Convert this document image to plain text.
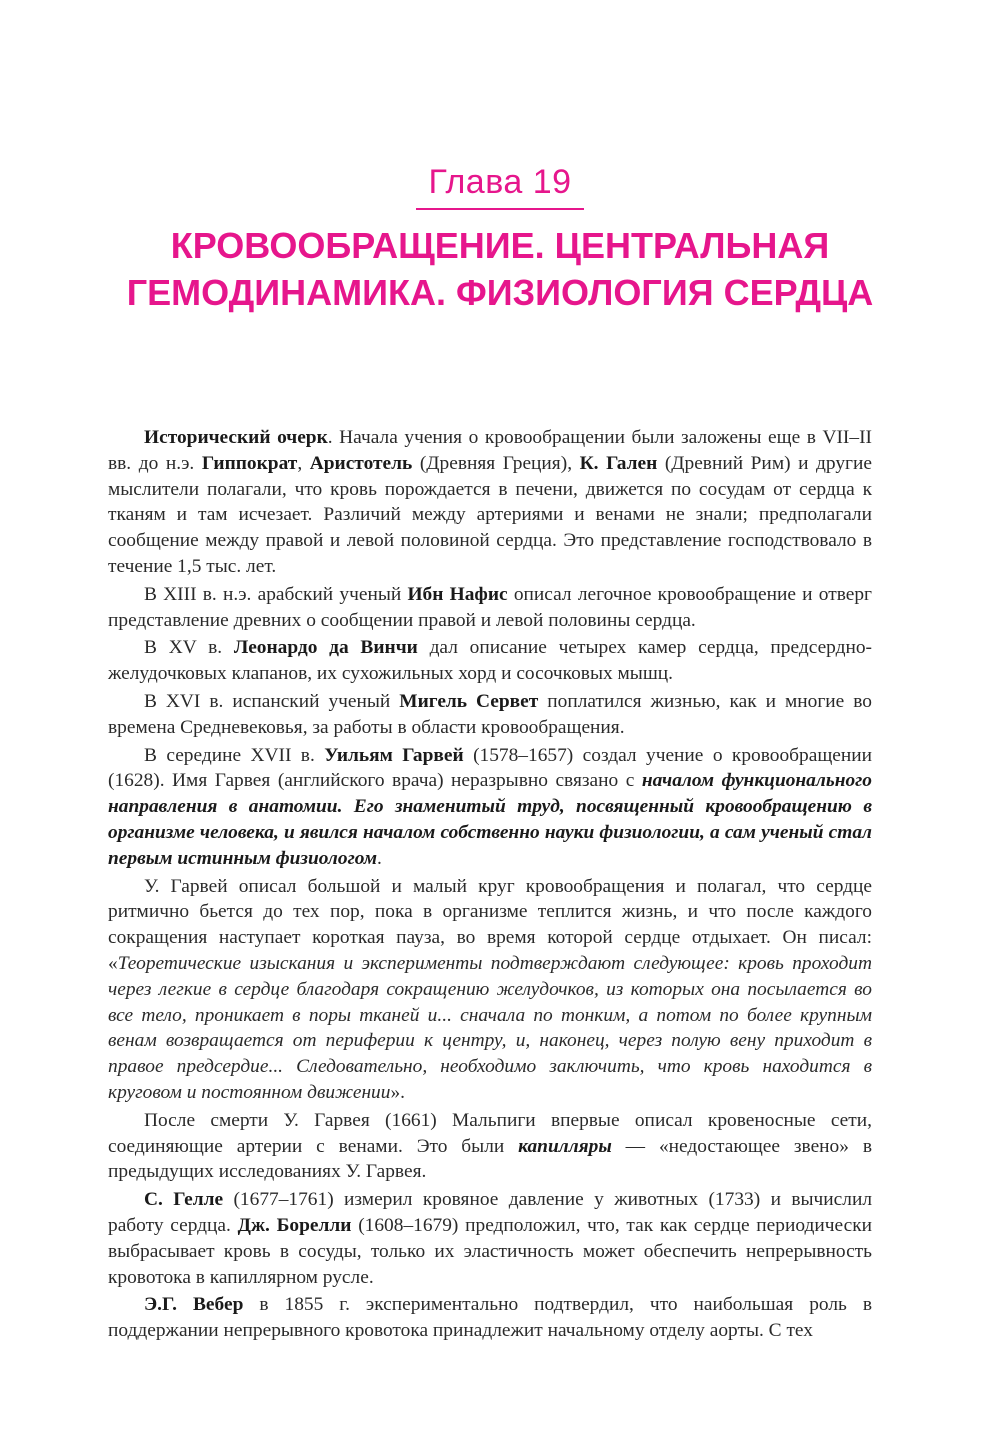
Глава 19
КРОВООБРАЩЕНИЕ. ЦЕНТРАЛЬНАЯ
ГЕМОДИНАМИКА. ФИЗИОЛОГИЯ СЕРДЦА

Исторический очерк. Начала учения о кровообращении были заложены еще в VII–II вв. до н.э. Гиппократ, Аристотель (Древняя Греция), К. Гален (Древний Рим) и другие мыслители полагали, что кровь порождается в печени, движется по сосудам от сердца к тканям и там исчезает. Различий между артериями и венами не знали; предполагали сообщение между правой и левой половиной сердца. Это представление господствовало в течение 1,5 тыс. лет.

В XIII в. н.э. арабский ученый Ибн Нафис описал легочное кровообращение и отверг представление древних о сообщении правой и левой половины сердца.

В XV в. Леонардо да Винчи дал описание четырех камер сердца, предсердно-желудочковых клапанов, их сухожильных хорд и сосочковых мышц.

В XVI в. испанский ученый Мигель Сервет поплатился жизнью, как и многие во времена Средневековья, за работы в области кровообращения.

В середине XVII в. Уильям Гарвей (1578–1657) создал учение о кровообращении (1628). Имя Гарвея (английского врача) неразрывно связано с началом функционального направления в анатомии. Его знаменитый труд, посвященный кровообращению в организме человека, и явился началом собственно науки физиологии, а сам ученый стал первым истинным физиологом.

У. Гарвей описал большой и малый круг кровообращения и полагал, что сердце ритмично бьется до тех пор, пока в организме теплится жизнь, и что после каждого сокращения наступает короткая пауза, во время которой сердце отдыхает. Он писал: «Теоретические изыскания и эксперименты подтверждают следующее: кровь проходит через легкие в сердце благодаря сокращению желудочков, из которых она посылается во все тело, проникает в поры тканей и... сначала по тонким, а потом по более крупным венам возвращается от периферии к центру, и, наконец, через полую вену приходит в правое предсердие... Следовательно, необходимо заключить, что кровь находится в круговом и постоянном движении».

После смерти У. Гарвея (1661) Мальпиги впервые описал кровеносные сети, соединяющие артерии с венами. Это были капилляры — «недостающее звено» в предыдущих исследованиях У. Гарвея.

С. Гелле (1677–1761) измерил кровяное давление у животных (1733) и вычислил работу сердца. Дж. Борелли (1608–1679) предположил, что, так как сердце периодически выбрасывает кровь в сосуды, только их эластичность может обеспечить непрерывность кровотока в капиллярном русле.

Э.Г. Вебер в 1855 г. экспериментально подтвердил, что наибольшая роль в поддержании непрерывного кровотока принадлежит начальному отделу аорты. С тех
